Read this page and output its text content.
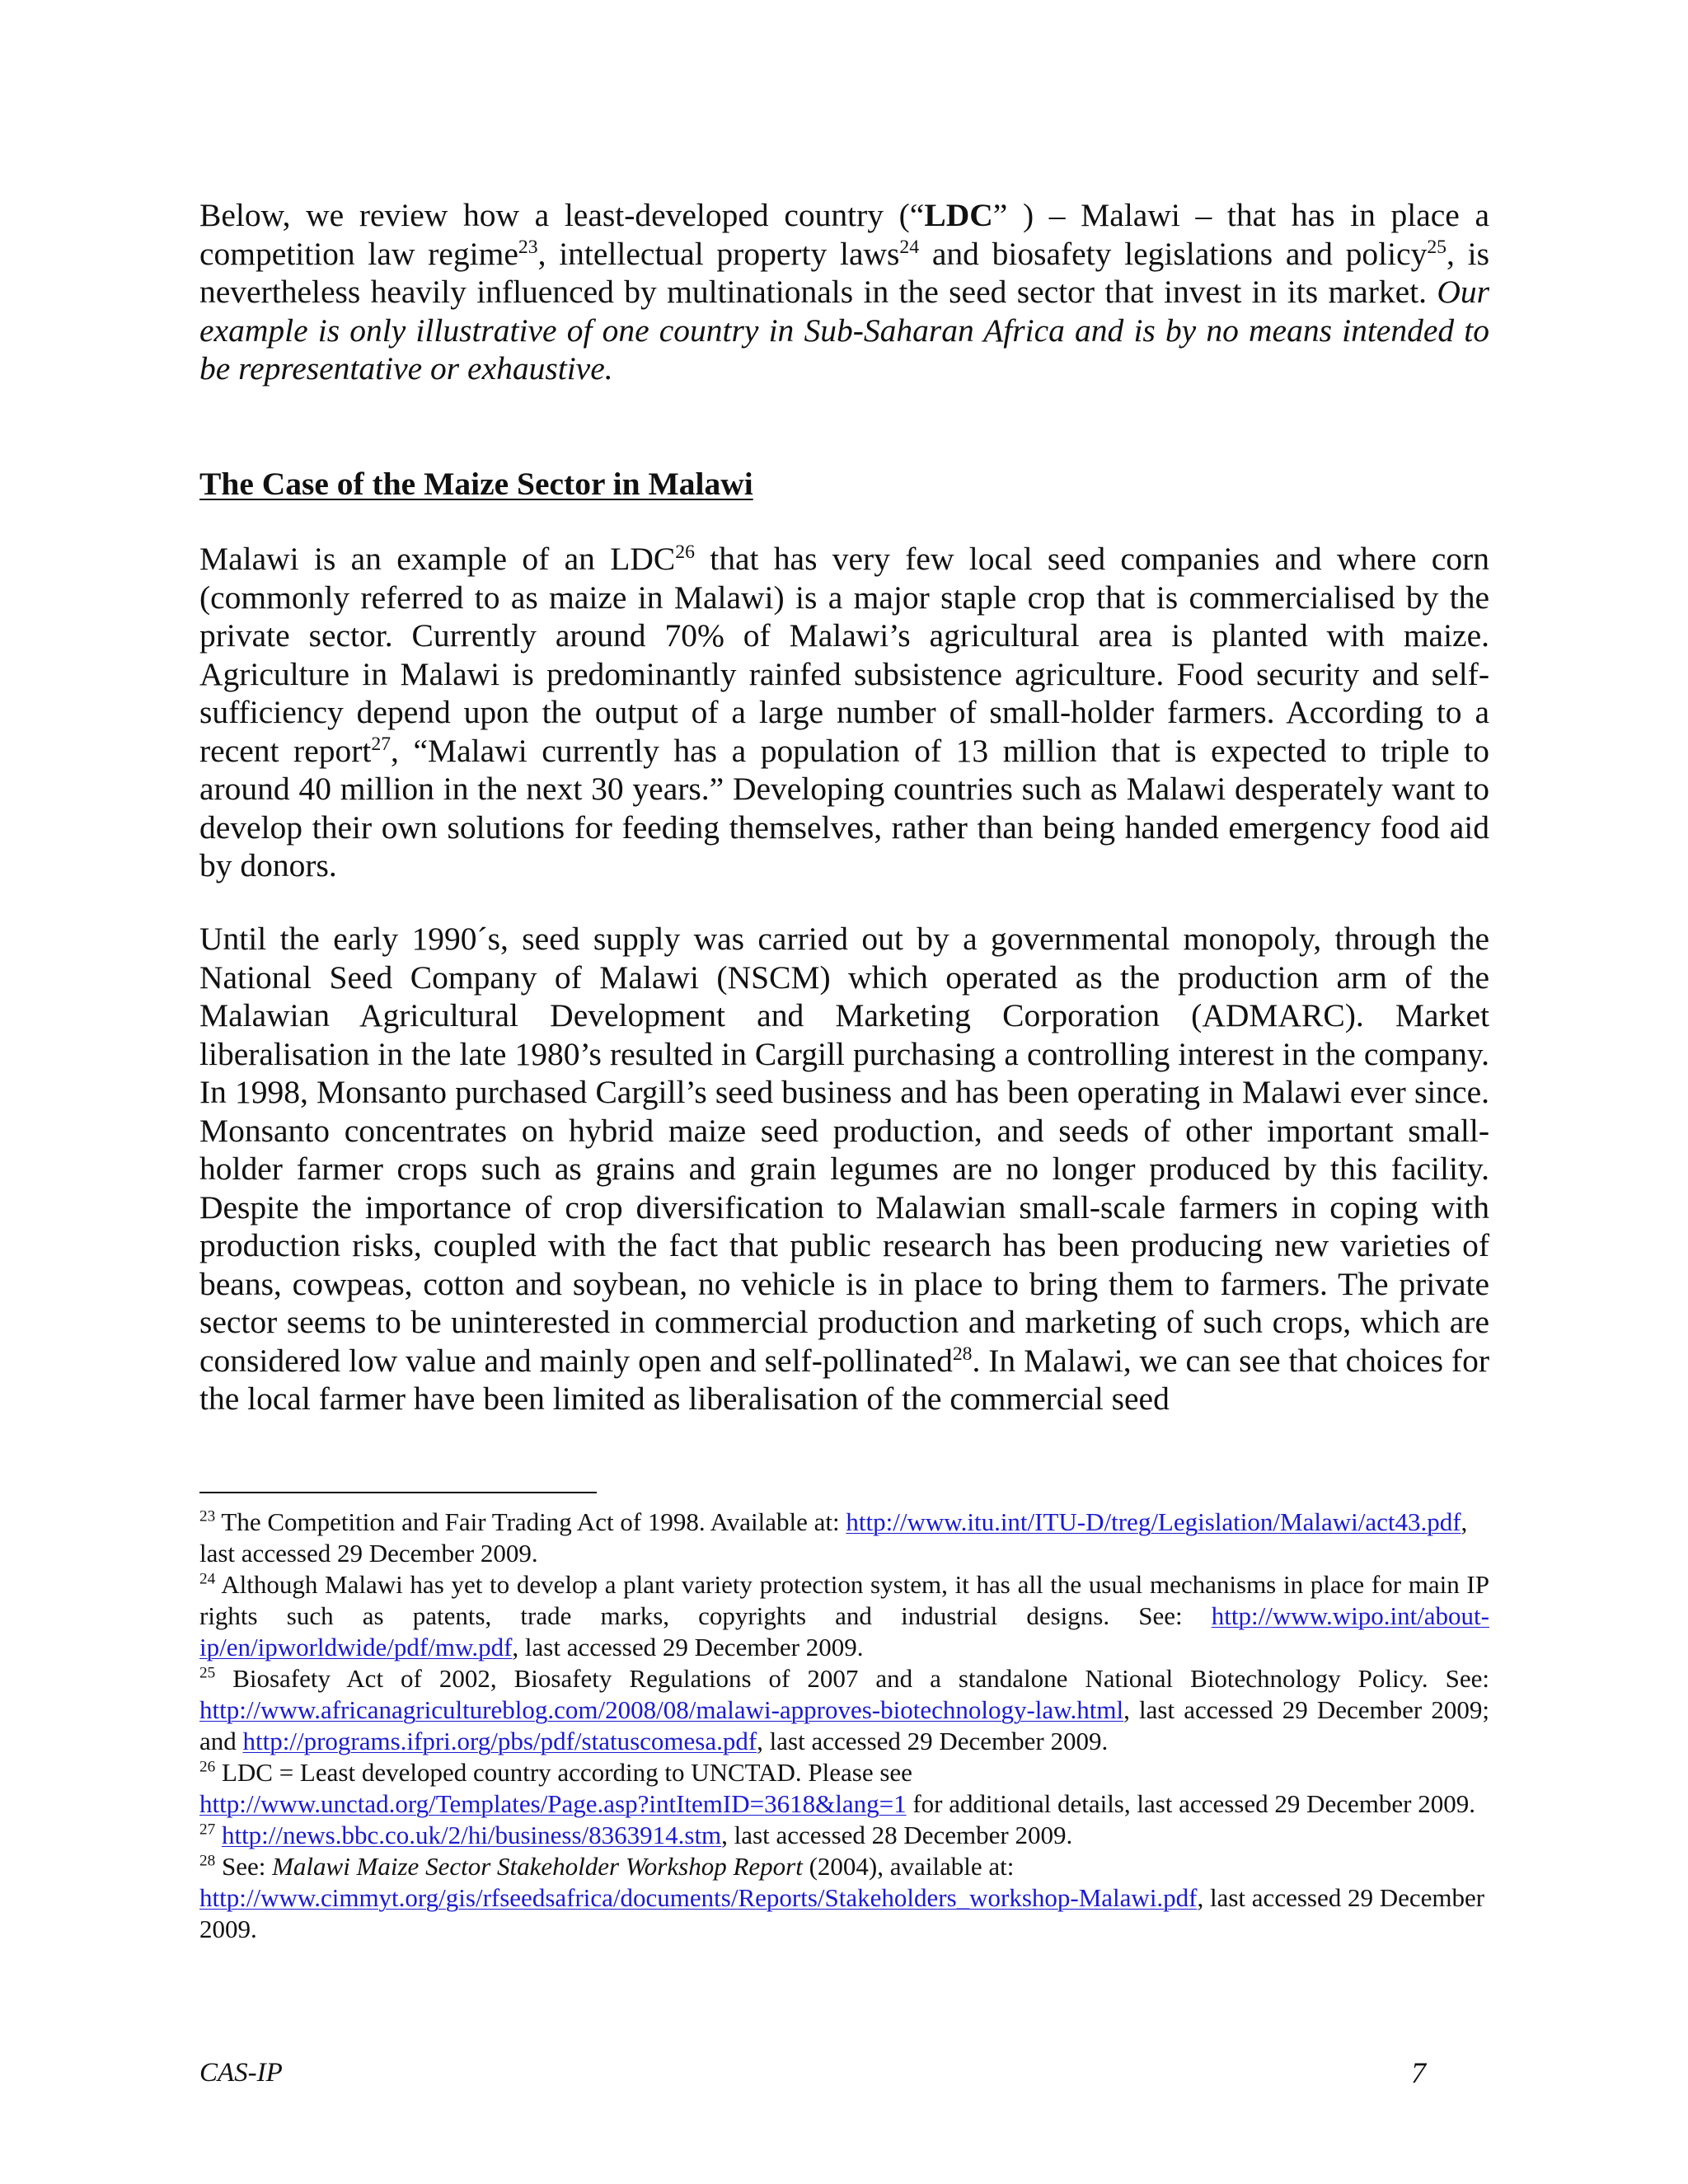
Below, we review how a least-developed country (“LDC” ) – Malawi – that has in place a competition law regime$^{23}$, intellectual property laws$^{24}$ and biosafety legislations and policy$^{25}$, is nevertheless heavily influenced by multinationals in the seed sector that invest in its market. Our example is only illustrative of one country in Sub-Saharan Africa and is by no means intended to be representative or exhaustive.

The Case of the Maize Sector in Malawi

Malawi is an example of an LDC$^{26}$ that has very few local seed companies and where corn (commonly referred to as maize in Malawi) is a major staple crop that is commercialised by the private sector. Currently around 70% of Malawi’s agricultural area is planted with maize. Agriculture in Malawi is predominantly rainfed subsistence agriculture. Food security and self-sufficiency depend upon the output of a large number of small-holder farmers. According to a recent report$^{27}$, “Malawi currently has a population of 13 million that is expected to triple to around 40 million in the next 30 years.” Developing countries such as Malawi desperately want to develop their own solutions for feeding themselves, rather than being handed emergency food aid by donors.

Until the early 1990´s, seed supply was carried out by a governmental monopoly, through the National Seed Company of Malawi (NSCM) which operated as the production arm of the Malawian Agricultural Development and Marketing Corporation (ADMARC). Market liberalisation in the late 1980’s resulted in Cargill purchasing a controlling interest in the company. In 1998, Monsanto purchased Cargill’s seed business and has been operating in Malawi ever since. Monsanto concentrates on hybrid maize seed production, and seeds of other important small-holder farmer crops such as grains and grain legumes are no longer produced by this facility. Despite the importance of crop diversification to Malawian small-scale farmers in coping with production risks, coupled with the fact that public research has been producing new varieties of beans, cowpeas, cotton and soybean, no vehicle is in place to bring them to farmers. The private sector seems to be uninterested in commercial production and marketing of such crops, which are considered low value and mainly open and self-pollinated$^{28}$. In Malawi, we can see that choices for the local farmer have been limited as liberalisation of the commercial seed

$^{23}$ The Competition and Fair Trading Act of 1998. Available at: http://www.itu.int/ITU-D/treg/Legislation/Malawi/act43.pdf, last accessed 29 December 2009.

$^{24}$ Although Malawi has yet to develop a plant variety protection system, it has all the usual mechanisms in place for main IP rights such as patents, trade marks, copyrights and industrial designs. See: http://www.wipo.int/about-ip/en/ipworldwide/pdf/mw.pdf, last accessed 29 December 2009.

$^{25}$ Biosafety Act of 2002, Biosafety Regulations of 2007 and a standalone National Biotechnology Policy. See: http://www.africanagricultureblog.com/2008/08/malawi-approves-biotechnology-law.html, last accessed 29 December 2009; and http://programs.ifpri.org/pbs/pdf/statuscomesa.pdf, last accessed 29 December 2009.

$^{26}$ LDC = Least developed country according to UNCTAD. Please see
http://www.unctad.org/Templates/Page.asp?intItemID=3618&lang=1 for additional details, last accessed 29 December 2009.

$^{27}$ http://news.bbc.co.uk/2/hi/business/8363914.stm, last accessed 28 December 2009.

$^{28}$ See: Malawi Maize Sector Stakeholder Workshop Report (2004), available at:
http://www.cimmyt.org/gis/rfseedsafrica/documents/Reports/Stakeholders_workshop-Malawi.pdf, last accessed 29 December 2009.

CAS-IP	7
